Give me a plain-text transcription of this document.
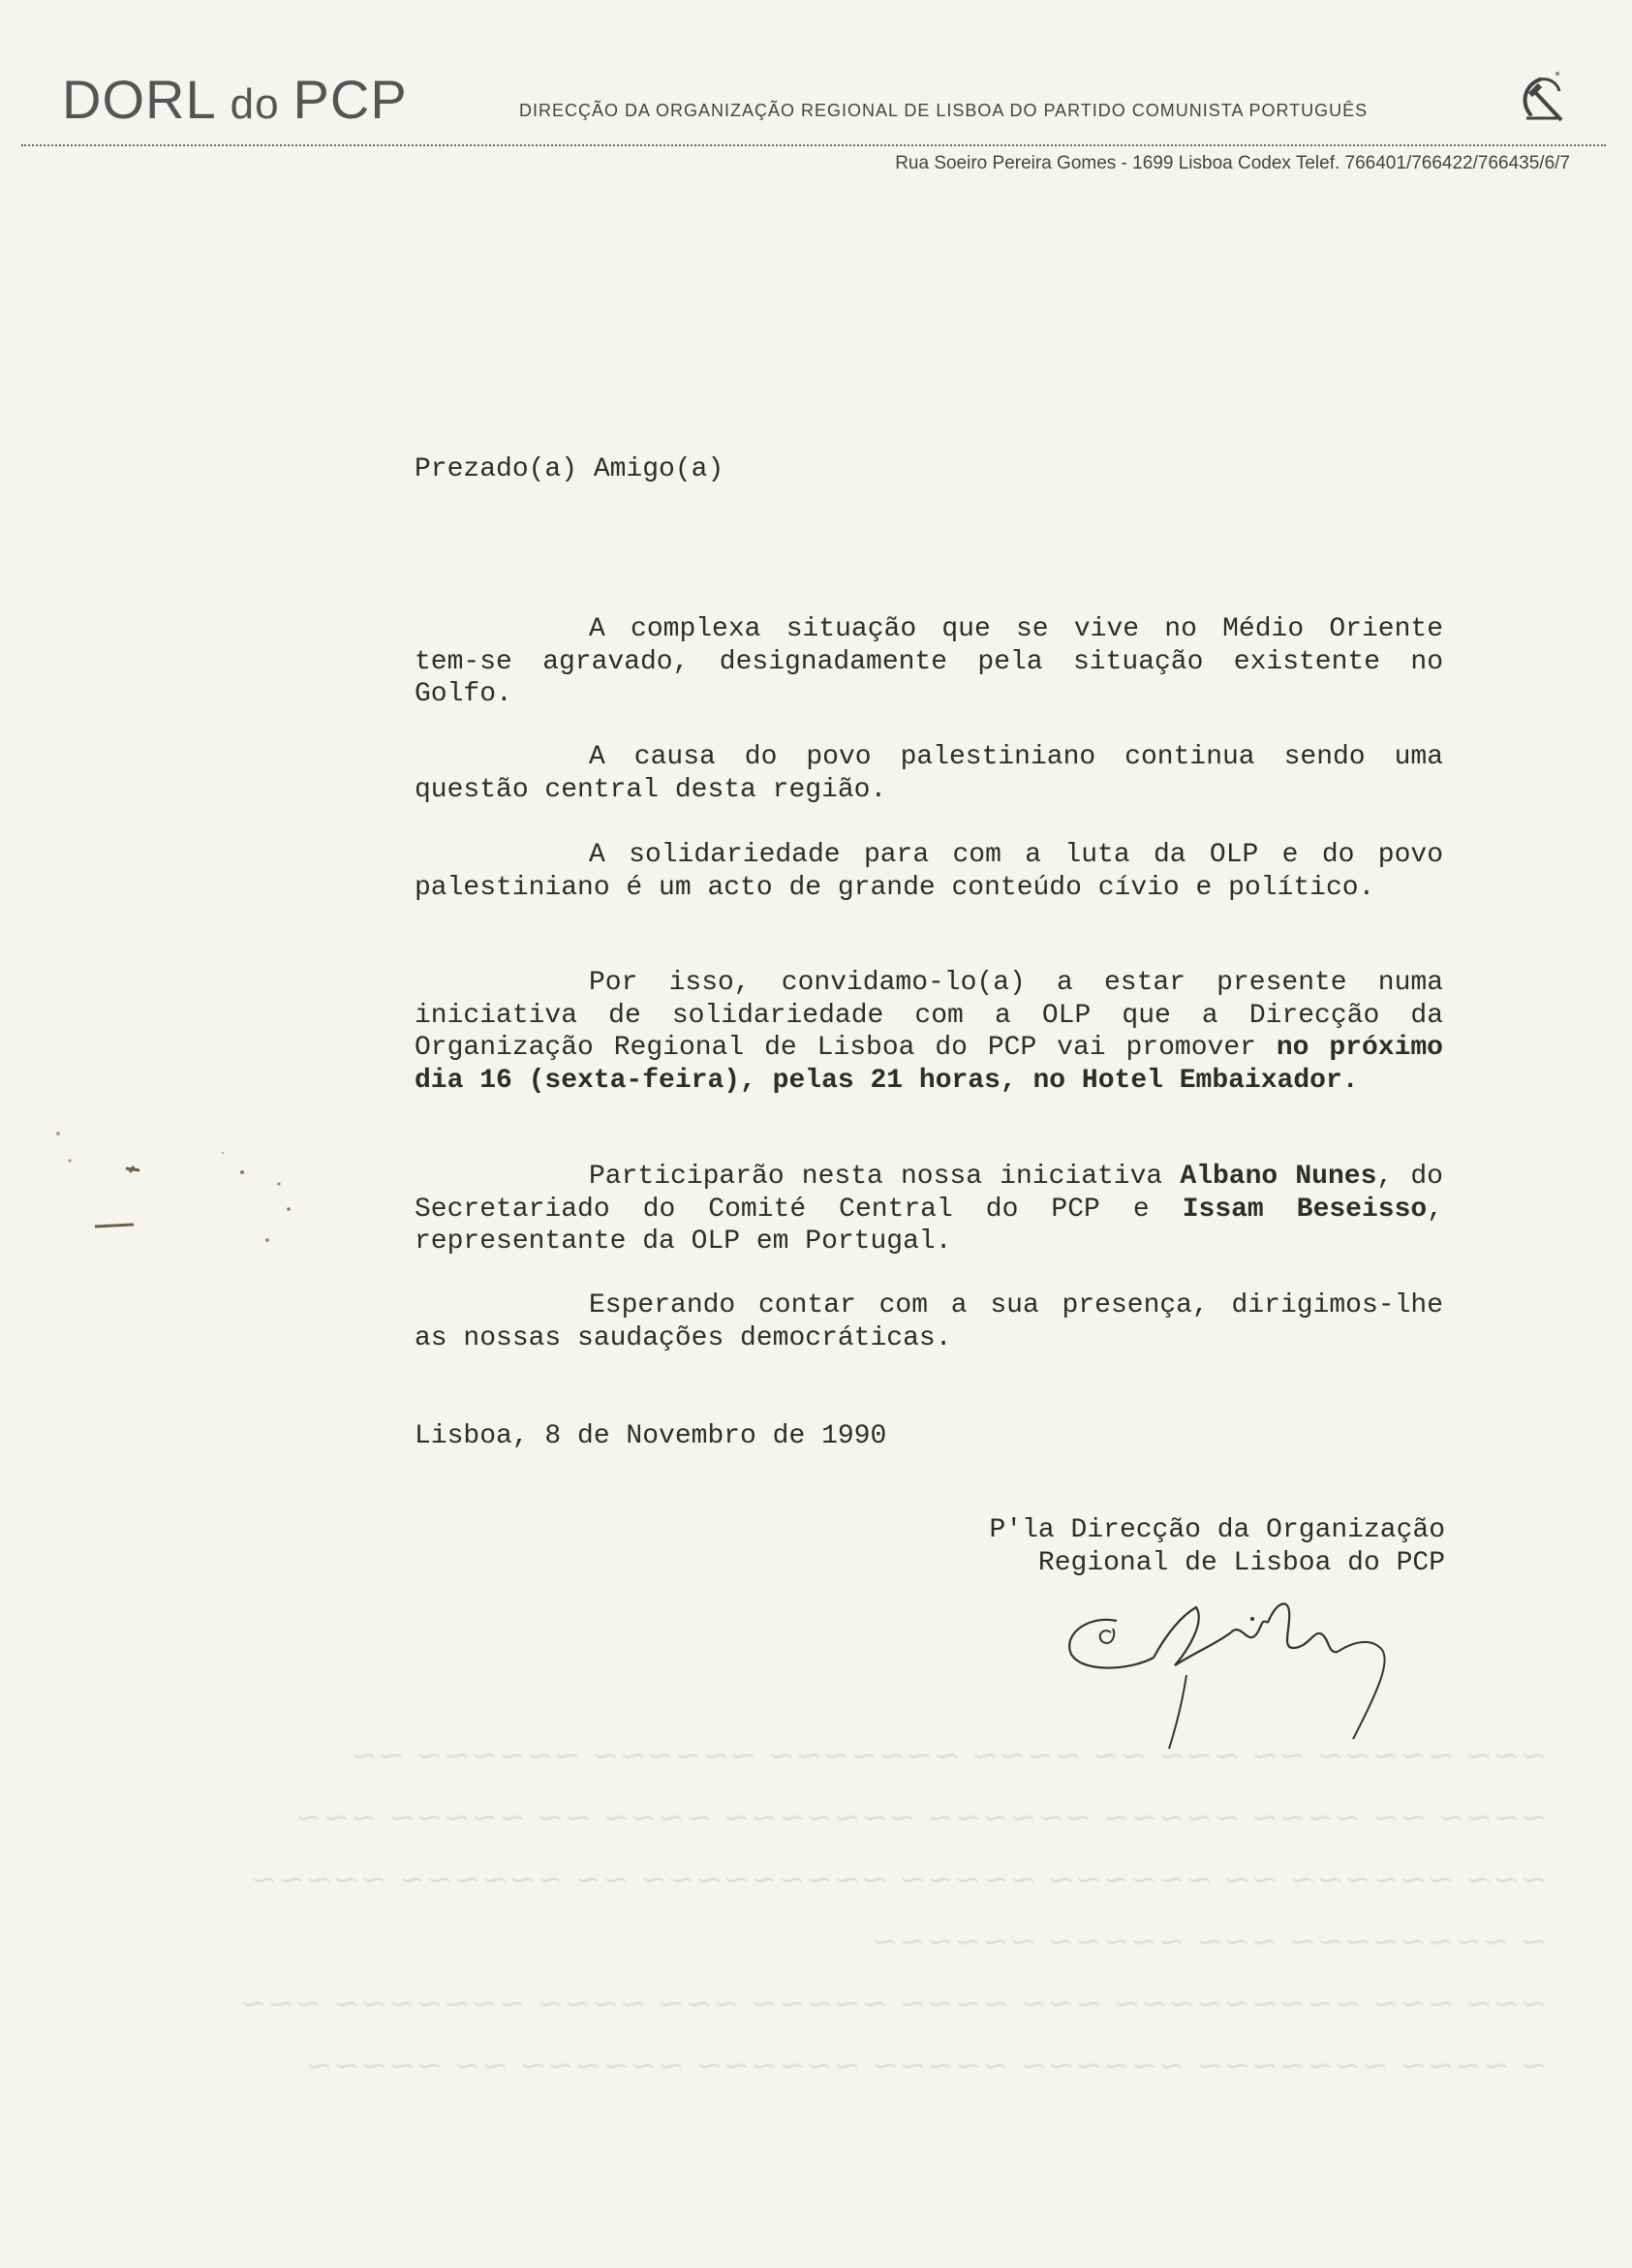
DORL do PCP	DIRECÇÃO DA ORGANIZAÇÃO REGIONAL DE LISBOA DO PARTIDO COMUNISTA PORTUGUÊS
Rua Soeiro Pereira Gomes - 1699 Lisboa Codex Telef. 766401/766422/766435/6/7
Prezado(a) Amigo(a)
A complexa situação que se vive no Médio Oriente tem-se agravado, designadamente pela situação existente no Golfo.
A causa do povo palestiniano continua sendo uma questão central desta região.
A solidariedade para com a luta da OLP e do povo palestiniano é um acto de grande conteúdo cívio e político.
Por isso, convidamo-lo(a) a estar presente numa iniciativa de solidariedade com a OLP que a Direcção da Organização Regional de Lisboa do PCP vai promover no próximo dia 16 (sexta-feira), pelas 21 horas, no Hotel Embaixador.
Participarão nesta nossa iniciativa Albano Nunes, do Secretariado do Comité Central do PCP e Issam Beseisso, representante da OLP em Portugal.
Esperando contar com a sua presença, dirigimos-lhe as nossas saudações democráticas.
Lisboa, 8 de Novembro de 1990
P'la Direcção da Organização
Regional de Lisboa do PCP
~~~ ~~~~~ ~~ ~~~ ~~ ~~~~ ~~~~~~~ ~~~~~~ ~~~~~~ ~~
~~~~ ~~ ~~~~ ~~~~~ ~~~~~~ ~~~~~~~ ~~~~ ~~ ~~~~~ ~~~
~~~ ~~~~~~ ~~ ~~~~~~ ~~~~~ ~~~~~~~~~ ~~ ~~~~~~ ~~~~~
~ ~~~~~~~~ ~~~ ~~~~~ ~~~~~~
~~~ ~~~ ~~~~~~~~~ ~~~ ~~~~ ~~~~~ ~~~ ~~~~ ~~~~~~~ ~~~
~ ~~~~ ~~~~~~~ ~~~~~~ ~~~~~ ~~~~~~ ~~~~~~ ~~ ~~~~~
